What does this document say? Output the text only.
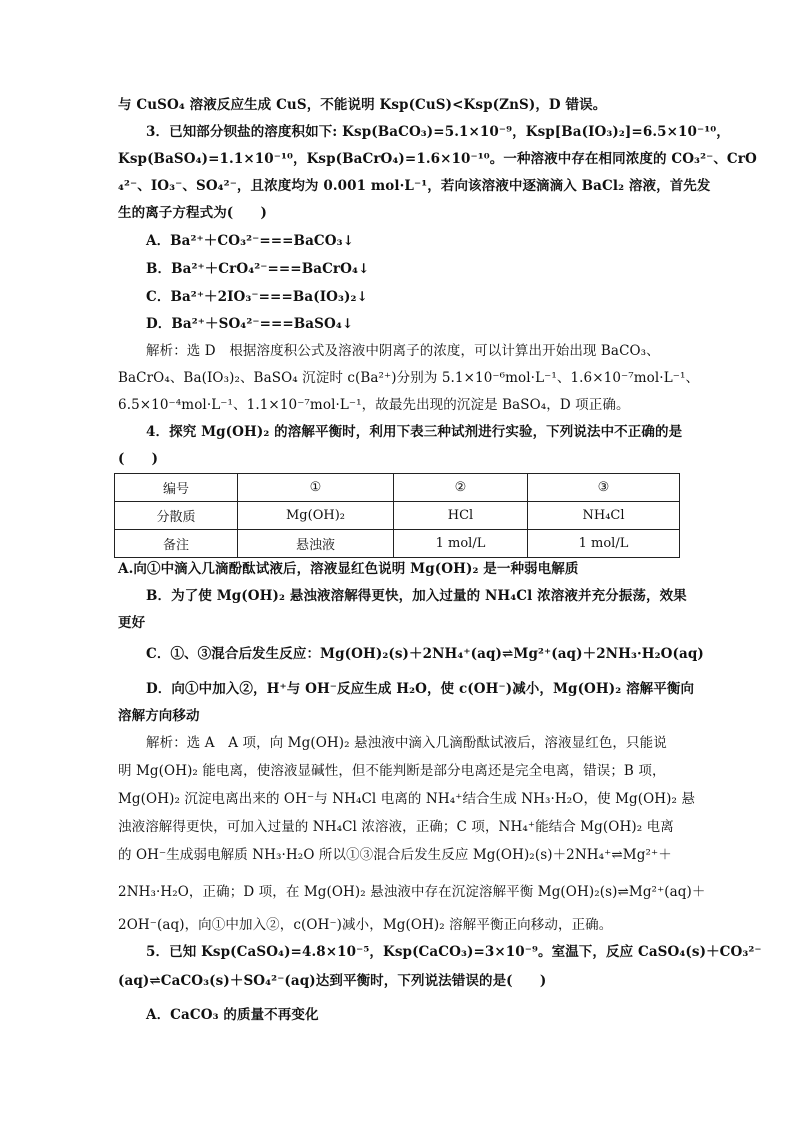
与 CuSO₄ 溶液反应生成 CuS，不能说明 Ksp(CuS)<Ksp(ZnS)，D 错误。
3．已知部分钡盐的溶度积如下: Ksp(BaCO₃)=5.1×10⁻⁹，Ksp[Ba(IO₃)₂]=6.5×10⁻¹⁰，
Ksp(BaSO₄)=1.1×10⁻¹⁰，Ksp(BaCrO₄)=1.6×10⁻¹⁰。一种溶液中存在相同浓度的 CO₃²⁻、CrO
₄²⁻、IO₃⁻、SO₄²⁻，且浓度均为 0.001 mol·L⁻¹，若向该溶液中逐滴滴入 BaCl₂ 溶液，首先发
生的离子方程式为(　　)
A．Ba²⁺＋CO₃²⁻===BaCO₃↓
B．Ba²⁺＋CrO₄²⁻===BaCrO₄↓
C．Ba²⁺＋2IO₃⁻===Ba(IO₃)₂↓
D．Ba²⁺＋SO₄²⁻===BaSO₄↓
解析：选 D　根据溶度积公式及溶液中阴离子的浓度，可以计算出开始出现 BaCO₃、
BaCrO₄、Ba(IO₃)₂、BaSO₄ 沉淀时 c(Ba²⁺)分别为 5.1×10⁻⁶mol·L⁻¹、1.6×10⁻⁷mol·L⁻¹、
6.5×10⁻⁴mol·L⁻¹、1.1×10⁻⁷mol·L⁻¹，故最先出现的沉淀是 BaSO₄，D 项正确。
4．探究 Mg(OH)₂ 的溶解平衡时，利用下表三种试剂进行实验，下列说法中不正确的是
(　　)
编号	①	②	③
分散质	Mg(OH)₂	HCl	NH₄Cl
备注	悬浊液	1 mol/L	1 mol/L
A.向①中滴入几滴酚酞试液后，溶液显红色说明 Mg(OH)₂ 是一种弱电解质
B．为了使 Mg(OH)₂ 悬浊液溶解得更快，加入过量的 NH₄Cl 浓溶液并充分振荡，效果
更好
C．①、③混合后发生反应：Mg(OH)₂(s)＋2NH₄⁺(aq)⇌Mg²⁺(aq)＋2NH₃·H₂O(aq)
D．向①中加入②，H⁺与 OH⁻反应生成 H₂O，使 c(OH⁻)减小，Mg(OH)₂ 溶解平衡向
溶解方向移动
解析：选 A　A 项，向 Mg(OH)₂ 悬浊液中滴入几滴酚酞试液后，溶液显红色，只能说
明 Mg(OH)₂ 能电离，使溶液显碱性，但不能判断是部分电离还是完全电离，错误；B 项，
Mg(OH)₂ 沉淀电离出来的 OH⁻与 NH₄Cl 电离的 NH₄⁺结合生成 NH₃·H₂O，使 Mg(OH)₂ 悬
浊液溶解得更快，可加入过量的 NH₄Cl 浓溶液，正确；C 项，NH₄⁺能结合 Mg(OH)₂ 电离
的 OH⁻生成弱电解质 NH₃·H₂O 所以①③混合后发生反应 Mg(OH)₂(s)＋2NH₄⁺⇌Mg²⁺＋
2NH₃·H₂O，正确；D 项，在 Mg(OH)₂ 悬浊液中存在沉淀溶解平衡 Mg(OH)₂(s)⇌Mg²⁺(aq)＋
2OH⁻(aq)，向①中加入②，c(OH⁻)减小，Mg(OH)₂ 溶解平衡正向移动，正确。
5．已知 Ksp(CaSO₄)=4.8×10⁻⁵，Ksp(CaCO₃)=3×10⁻⁹。室温下，反应 CaSO₄(s)＋CO₃²⁻
(aq)⇌CaCO₃(s)＋SO₄²⁻(aq)达到平衡时，下列说法错误的是(　　)
A．CaCO₃ 的质量不再变化
